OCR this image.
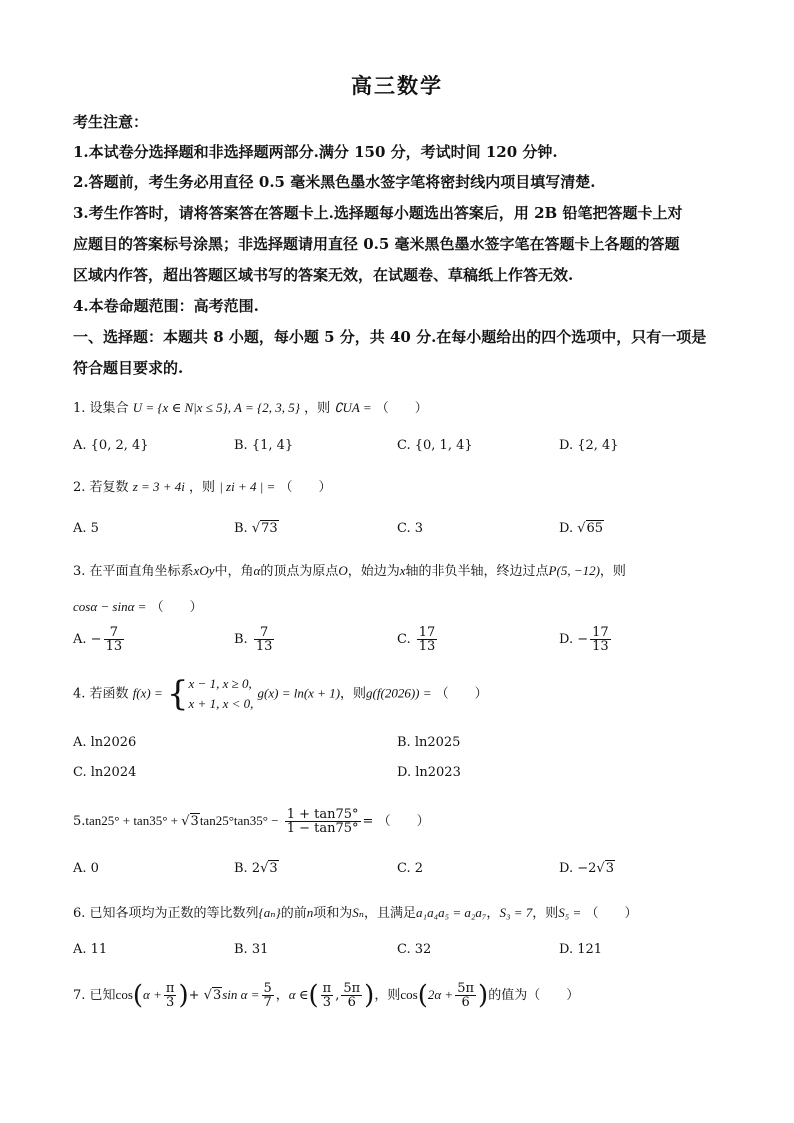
高三数学
考生注意：
1.本试卷分选择题和非选择题两部分.满分 150 分，考试时间 120 分钟.
2.答题前，考生务必用直径 0.5 毫米黑色墨水签字笔将密封线内项目填写清楚.
3.考生作答时，请将答案答在答题卡上.选择题每小题选出答案后，用 2B 铅笔把答题卡上对
应题目的答案标号涂黑；非选择题请用直径 0.5 毫米黑色墨水签字笔在答题卡上各题的答题
区域内作答，超出答题区域书写的答案无效，在试题卷、草稿纸上作答无效.
4.本卷命题范围：高考范围.
一、选择题：本题共 8 小题，每小题 5 分，共 40 分.在每小题给出的四个选项中，只有一项是
符合题目要求的.
1. 设集合 U = {x ∈ N|x ≤ 5}, A = {2, 3, 5} ，则 ∁UA = （　　）
A. {0, 2, 4}	B. {1, 4}	C. {0, 1, 4}	D. {2, 4}
2. 若复数 z = 3 + 4i ，则 | zi + 4 | = （　　）
A. 5	B. √73	C. 3	D. √65
3. 在平面直角坐标系xOy中，角α的顶点为原点O，始边为x轴的非负半轴，终边过点P(5, −12)，则
cosα − sinα = （　　）
A. − $\frac{7}{13}$	B. $\frac{7}{13}$	C. $\frac{17}{13}$	D. − $\frac{17}{13}$
4. 若函数 f(x) = { x − 1, x ≥ 0,
x + 1, x < 0,
g(x) = ln(x + 1)，则g(f(2026)) = （　　）
A. ln2026	B. ln2025
C. ln2024	D. ln2023
$5.\tan 25^\circ + \tan 35^\circ + √3\tan 25^\circ\tan 35^\circ - \frac{1 + \tan 75^\circ}{1 - \tan 75^\circ}$ = （　　）
A. 0	B. 2√3	C. 2	D. −2√3
6. 已知各项均为正数的等比数列{aₙ}的前n项和为Sₙ，且满足a₁a₄a₅ = a₂a₇，S₃ = 7，则S₅ = （　　）
A. 11	B. 31	C. 32	D. 121
7. 已知$\cos(\alpha + \frac{\pi}{3}$ )+ √3sin $\alpha = \frac{5}{7}$ ，α ∈( $\frac{\pi}{3}$ , $\frac{5\pi}{6}$ )，则$\cos(2\alpha + \frac{5\pi}{6}$ )的值为（　　）
